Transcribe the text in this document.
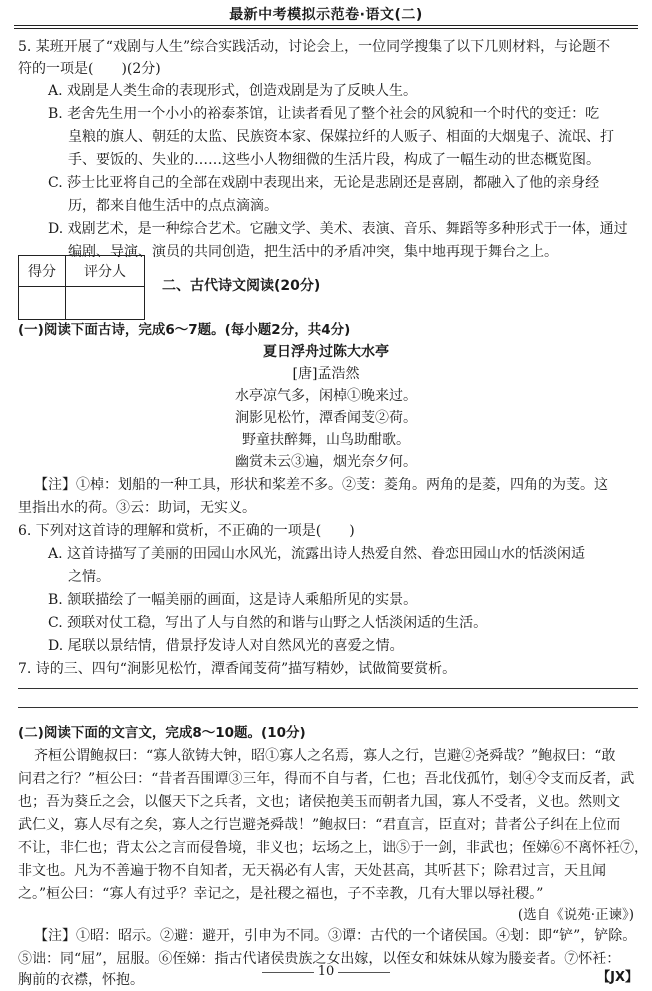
最新中考模拟示范卷·语文(二)
5. 某班开展了“戏剧与人生”综合实践活动，讨论会上，一位同学搜集了以下几则材料，与论题不
符的一项是(　　)(2分)
A. 戏剧是人类生命的表现形式，创造戏剧是为了反映人生。
B. 老舍先生用一个小小的裕泰茶馆，让读者看见了整个社会的风貌和一个时代的变迁：吃
皇粮的旗人、朝廷的太监、民族资本家、保媒拉纤的人贩子、相面的大烟鬼子、流氓、打
手、要饭的、失业的……这些小人物细微的生活片段，构成了一幅生动的世态概览图。
C. 莎士比亚将自己的全部在戏剧中表现出来，无论是悲剧还是喜剧，都融入了他的亲身经
历，都来自他生活中的点点滴滴。
D. 戏剧艺术，是一种综合艺术。它融文学、美术、表演、音乐、舞蹈等多种形式于一体，通过
编剧、导演、演员的共同创造，把生活中的矛盾冲突，集中地再现于舞台之上。
得分	评分人

二、古代诗文阅读(20分)
(一)阅读下面古诗，完成6～7题。(每小题2分，共4分)
夏日浮舟过陈大水亭
[唐]孟浩然
水亭凉气多，闲棹①晚来过。
涧影见松竹，潭香闻芰②荷。
野童扶醉舞，山鸟助酣歌。
幽赏未云③遍，烟光奈夕何。
【注】①棹：划船的一种工具，形状和桨差不多。②芰：菱角。两角的是菱，四角的为芰。这
里指出水的荷。③云：助词，无实义。
6. 下列对这首诗的理解和赏析，不正确的一项是(　　)
A. 这首诗描写了美丽的田园山水风光，流露出诗人热爱自然、眷恋田园山水的恬淡闲适
之情。
B. 颔联描绘了一幅美丽的画面，这是诗人乘船所见的实景。
C. 颈联对仗工稳，写出了人与自然的和谐与山野之人恬淡闲适的生活。
D. 尾联以景结情，借景抒发诗人对自然风光的喜爱之情。
7. 诗的三、四句“涧影见松竹，潭香闻芰荷”描写精妙，试做简要赏析。
(二)阅读下面的文言文，完成8～10题。(10分)
齐桓公谓鲍叔曰：“寡人欲铸大钟，昭①寡人之名焉，寡人之行，岂避②尧舜哉？”鲍叔曰：“敢
问君之行？”桓公曰：“昔者吾围谭③三年，得而不自与者，仁也；吾北伐孤竹，刬④令支而反者，武
也；吾为葵丘之会，以偃天下之兵者，文也；诸侯抱美玉而朝者九国，寡人不受者，义也。然则文
武仁义，寡人尽有之矣，寡人之行岂避尧舜哉！”鲍叔曰：“君直言，臣直对；昔者公子纠在上位而
不让，非仁也；背太公之言而侵鲁境，非义也；坛场之上，诎⑤于一剑，非武也；侄娣⑥不离怀衽⑦，
非文也。凡为不善遍于物不自知者，无天祸必有人害，天处甚高，其听甚下；除君过言，天且闻
之。”桓公曰：“寡人有过乎？幸记之，是社稷之福也，子不幸教，几有大罪以辱社稷。”
(选自《说苑·正谏》)
【注】①昭：昭示。②避：避开，引申为不同。③谭：古代的一个诸侯国。④刬：即“铲”，铲除。
⑤诎：同“屈”，屈服。⑥侄娣：指古代诸侯贵族之女出嫁，以侄女和妹妹从嫁为媵妾者。⑦怀衽：
胸前的衣襟，怀抱。
10	【JX】
